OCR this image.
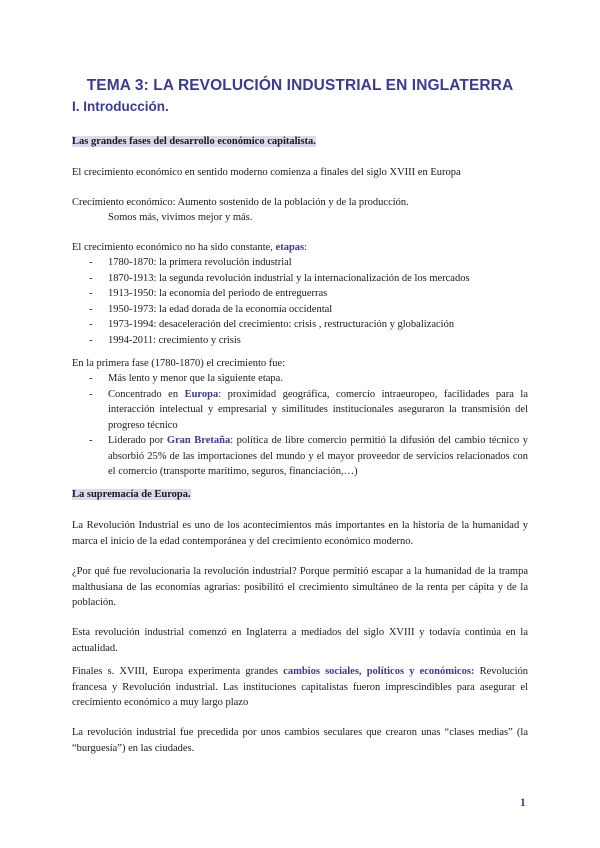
TEMA 3: LA REVOLUCIÓN INDUSTRIAL EN INGLATERRA
I. Introducción.
Las grandes fases del desarrollo económico capitalista.
El crecimiento económico en sentido moderno comienza a finales del siglo XVIII en Europa
Crecimiento económico: Aumento sostenido de la población y de la producción.
Somos más, vivimos mejor y más.
El crecimiento económico no ha sido constante, etapas:
- 1780-1870: la primera revolución industrial
- 1870-1913: la segunda revolución industrial y la internacionalización de los mercados
- 1913-1950: la economía del periodo de entreguerras
- 1950-1973: la edad dorada de la economía occidental
- 1973-1994: desaceleración del crecimiento: crisis , restructuración y globalización
- 1994-2011: crecimiento y crisis
En la primera fase (1780-1870) el crecimiento fue:
- Más lento y menor que la siguiente etapa.
- Concentrado en Europa: proximidad geográfica, comercio intraeuropeo, facilidades para la interacción intelectual y empresarial y similitudes institucionales aseguraron la transmisión del progreso técnico
- Liderado por Gran Bretaña: política de libre comercio permitió la difusión del cambio técnico y absorbió 25% de las importaciones del mundo y el mayor proveedor de servicios relacionados con el comercio (transporte marítimo, seguros, financiación,…)
La supremacía de Europa.
La Revolución Industrial es uno de los acontecimientos más importantes en la historia de la humanidad y marca el inicio de la edad contemporánea y del crecimiento económico moderno.
¿Por qué fue revolucionaria la revolución industrial? Porque permitió escapar a la humanidad de la trampa malthusiana de las economías agrarias: posibilitó el crecimiento simultáneo de la renta per cápita y de la población.
Esta revolución industrial comenzó en Inglaterra a mediados del siglo XVIII y todavía continúa en la actualidad.
Finales s. XVIII, Europa experimenta grandes cambios sociales, políticos y económicos: Revolución francesa y Revolución industrial. Las instituciones capitalistas fueron imprescindibles para asegurar el crecimiento económico a muy largo plazo
La revolución industrial fue precedida por unos cambios seculares que crearon unas “clases medias” (la “burguesía”) en las ciudades.
1
